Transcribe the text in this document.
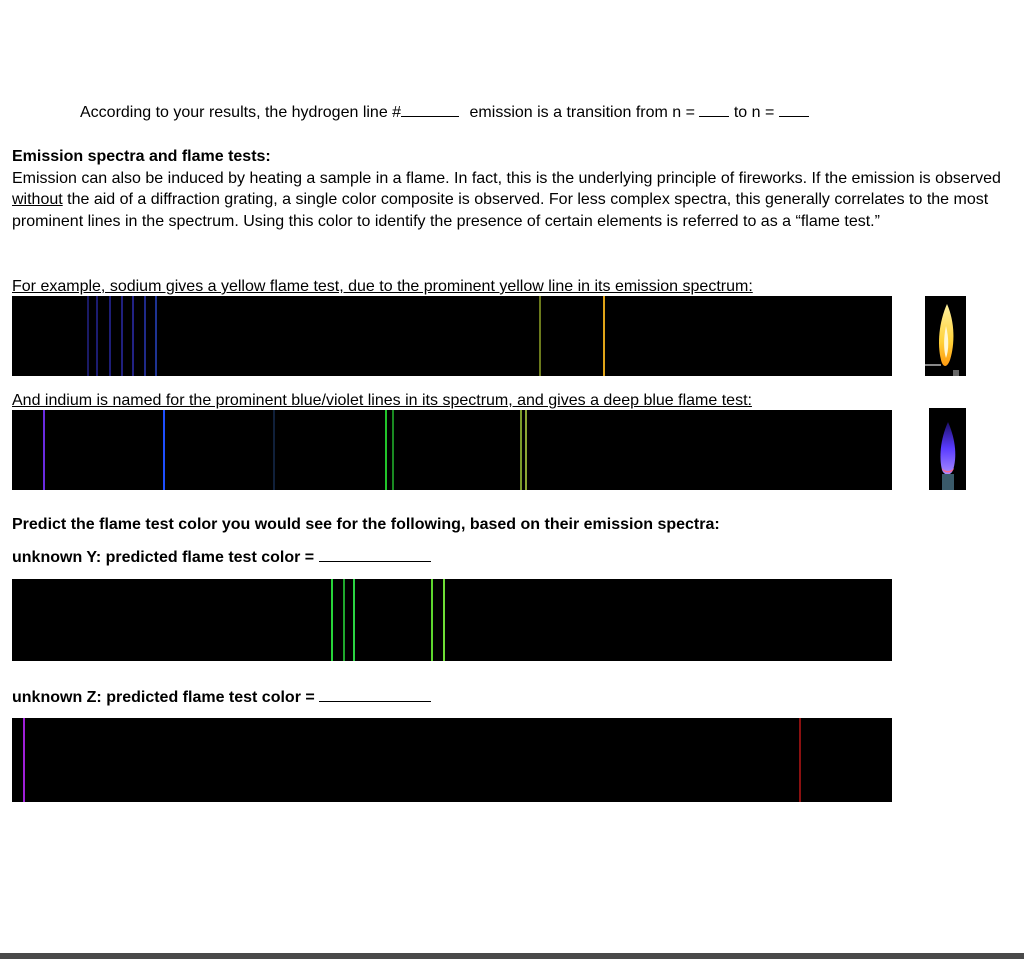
According to your results, the hydrogen line #	emission is a transition from n = to n =

Emission spectra and flame tests:

Emission can also be induced by heating a sample in a flame. In fact, this is the underlying principle of fireworks. If the emission is observed without the aid of a diffraction grating, a single color composite is observed. For less complex spectra, this generally correlates to the most prominent lines in the spectrum. Using this color to identify the presence of certain elements is referred to as a “flame test.”

For example, sodium gives a yellow flame test, due to the prominent yellow line in its emission spectrum:
And indium is named for the prominent blue/violet lines in its spectrum, and gives a deep blue flame test:
Predict the flame test color you would see for the following, based on their emission spectra:
unknown Y: predicted flame test color =
unknown Z: predicted flame test color =
